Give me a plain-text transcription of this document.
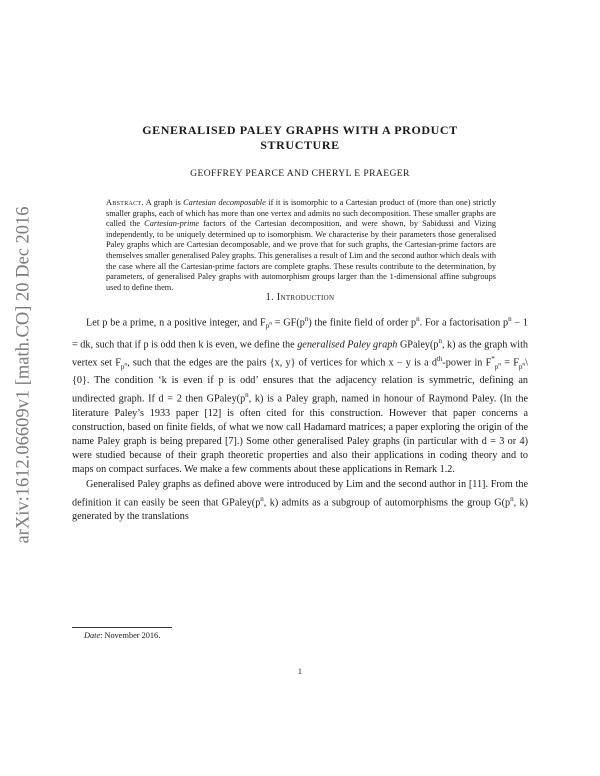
arXiv:1612.06609v1 [math.CO] 20 Dec 2016
GENERALISED PALEY GRAPHS WITH A PRODUCT
STRUCTURE
GEOFFREY PEARCE AND CHERYL E PRAEGER
Abstract. A graph is Cartesian decomposable if it is isomorphic to a Cartesian product of (more than one) strictly smaller graphs, each of which has more than one vertex and admits no such decomposition. These smaller graphs are called the Cartesian-prime factors of the Cartesian decomposition, and were shown, by Sabidussi and Vizing independently, to be uniquely determined up to isomorphism. We characterise by their parameters those generalised Paley graphs which are Cartesian decomposable, and we prove that for such graphs, the Cartesian-prime factors are themselves smaller generalised Paley graphs. This generalises a result of Lim and the second author which deals with the case where all the Cartesian-prime factors are complete graphs. These results contribute to the determination, by parameters, of generalised Paley graphs with automorphism groups larger than the 1-dimensional affine subgroups used to define them.
1. Introduction

Let p be a prime, n a positive integer, and $F_{p^n} = GF(p^n)$ the finite field of order $p^n$. For a factorisation $p^n - 1$ = dk, such that if p is odd then k is even, we define the generalised Paley graph $GPaley(p^n$, k) as the graph with vertex set $F_{p^n}$, such that the edges are the pairs {x, y} of vertices for which x − y is a $d^{th}$-power in $F^*_{p^n}$ = $F_{p^n}\backslash\{0\}$. The condition ‘k is even if p is odd’ ensures that the adjacency relation is symmetric, defining an undirected graph. If d = 2 then $GPaley(p^n$, k) is a Paley graph, named in honour of Raymond Paley. (In the literature Paley’s 1933 paper [12] is often cited for this construction. However that paper concerns a construction, based on finite fields, of what we now call Hadamard matrices; a paper exploring the origin of the name Paley graph is being prepared [7].) Some other generalised Paley graphs (in particular with d = 3 or 4) were studied because of their graph theoretic properties and also their applications in coding theory and to maps on compact surfaces. We make a few comments about these applications in Remark 1.2.

Generalised Paley graphs as defined above were introduced by Lim and the second author in [11]. From the definition it can easily be seen that $GPaley(p^n$, k) admits as a subgroup of automorphisms the group $G(p^n$, k) generated by the translations

Date: November 2016.
1
